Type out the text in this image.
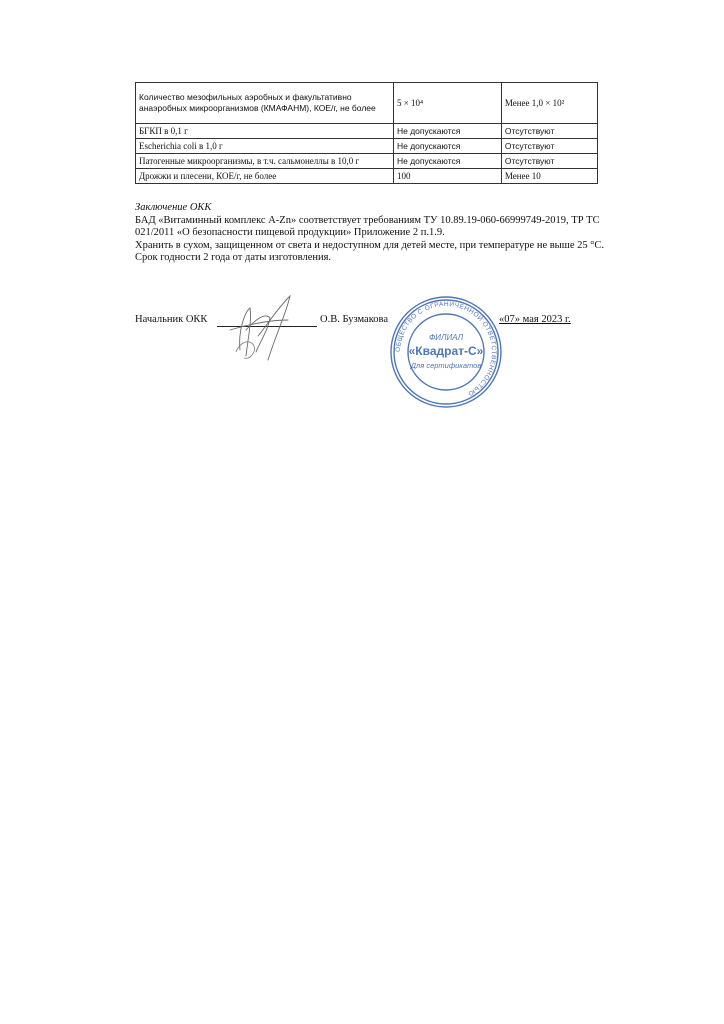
Количество мезофильных аэробных и факультативно анаэробных микроорганизмов (КМАФАНМ), КОЕ/г, не более	5 × 10⁴	Менее 1,0 × 10²
БГКП в 0,1 г	Не допускаются	Отсутствуют
Escherichia coli в 1,0 г	Не допускаются	Отсутствуют
Патогенные микроорганизмы, в т.ч. сальмонеллы в 10,0 г	Не допускаются	Отсутствуют
Дрожжи и плесени, КОЕ/г, не более	100	Менее 10

Заключение ОКК

БАД «Витаминный комплекс A-Zn» соответствует требованиям ТУ 10.89.19-060-66999749-2019, ТР ТС 021/2011 «О безопасности пищевой продукции» Приложение 2 п.1.9.

Хранить в сухом, защищенном от света и недоступном для детей месте, при температуре не выше 25 °С.

Срок годности 2 года от даты изготовления.

Начальник ОКК	О.В. Бузмакова	«07» мая 2023 г.
ОБЩЕСТВО С ОГРАНИЧЕННОЙ ОТВЕТСТВЕННОСТЬЮ
ФИЛИАЛ
«Квадрат-С»
Для сертификатов
